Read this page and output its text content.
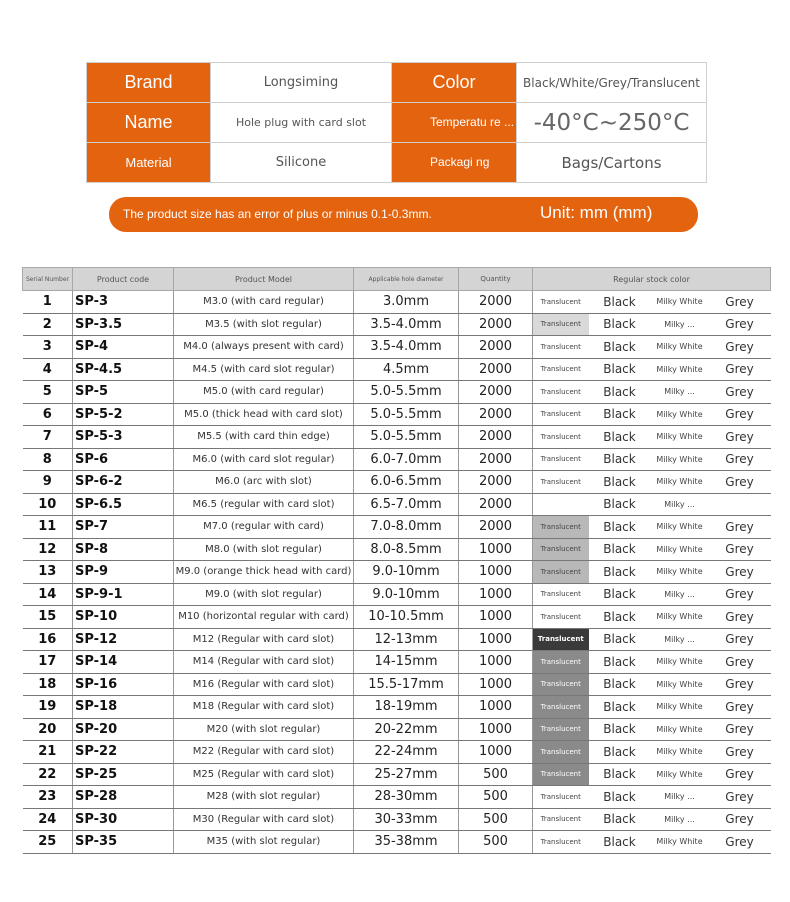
Brand	Longsiming	Color	Black/White/Grey/Translucent
Name	Hole plug with card slot	Temperatu re ...	-40°C~250°C
Material	Silicone	Packagi ng	Bags/Cartons
The product size has an error of plus or minus 0.1-0.3mm.	Unit: mm (mm)
Serial Number	Product code	Product Model	Applicable hole diameter	Quantity	Regular stock color			
1	SP-3	M3.0 (with card regular)	3.0mm	2000	Translucent	Black	Milky White	Grey
2	SP-3.5	M3.5 (with slot regular)	3.5-4.0mm	2000	Translucent	Black	Milky ...	Grey
3	SP-4	M4.0 (always present with card)	3.5-4.0mm	2000	Translucent	Black	Milky White	Grey
4	SP-4.5	M4.5 (with card slot regular)	4.5mm	2000	Translucent	Black	Milky White	Grey
5	SP-5	M5.0 (with card regular)	5.0-5.5mm	2000	Translucent	Black	Milky ...	Grey
6	SP-5-2	M5.0 (thick head with card slot)	5.0-5.5mm	2000	Translucent	Black	Milky White	Grey
7	SP-5-3	M5.5 (with card thin edge)	5.0-5.5mm	2000	Translucent	Black	Milky White	Grey
8	SP-6	M6.0 (with card slot regular)	6.0-7.0mm	2000	Translucent	Black	Milky White	Grey
9	SP-6-2	M6.0 (arc with slot)	6.0-6.5mm	2000	Translucent	Black	Milky White	Grey
10	SP-6.5	M6.5 (regular with card slot)	6.5-7.0mm	2000		Black	Milky ...	
11	SP-7	M7.0 (regular with card)	7.0-8.0mm	2000	Translucent	Black	Milky White	Grey
12	SP-8	M8.0 (with slot regular)	8.0-8.5mm	1000	Translucent	Black	Milky White	Grey
13	SP-9	M9.0 (orange thick head with card)	9.0-10mm	1000	Translucent	Black	Milky White	Grey
14	SP-9-1	M9.0 (with slot regular)	9.0-10mm	1000	Translucent	Black	Milky ...	Grey
15	SP-10	M10 (horizontal regular with card)	10-10.5mm	1000	Translucent	Black	Milky White	Grey
16	SP-12	M12 (Regular with card slot)	12-13mm	1000	Translucent	Black	Milky ...	Grey
17	SP-14	M14 (Regular with card slot)	14-15mm	1000	Translucent	Black	Milky White	Grey
18	SP-16	M16 (Regular with card slot)	15.5-17mm	1000	Translucent	Black	Milky White	Grey
19	SP-18	M18 (Regular with card slot)	18-19mm	1000	Translucent	Black	Milky White	Grey
20	SP-20	M20 (with slot regular)	20-22mm	1000	Translucent	Black	Milky White	Grey
21	SP-22	M22 (Regular with card slot)	22-24mm	1000	Translucent	Black	Milky White	Grey
22	SP-25	M25 (Regular with card slot)	25-27mm	500	Translucent	Black	Milky White	Grey
23	SP-28	M28 (with slot regular)	28-30mm	500	Translucent	Black	Milky ...	Grey
24	SP-30	M30 (Regular with card slot)	30-33mm	500	Translucent	Black	Milky ...	Grey
25	SP-35	M35 (with slot regular)	35-38mm	500	Translucent	Black	Milky White	Grey
